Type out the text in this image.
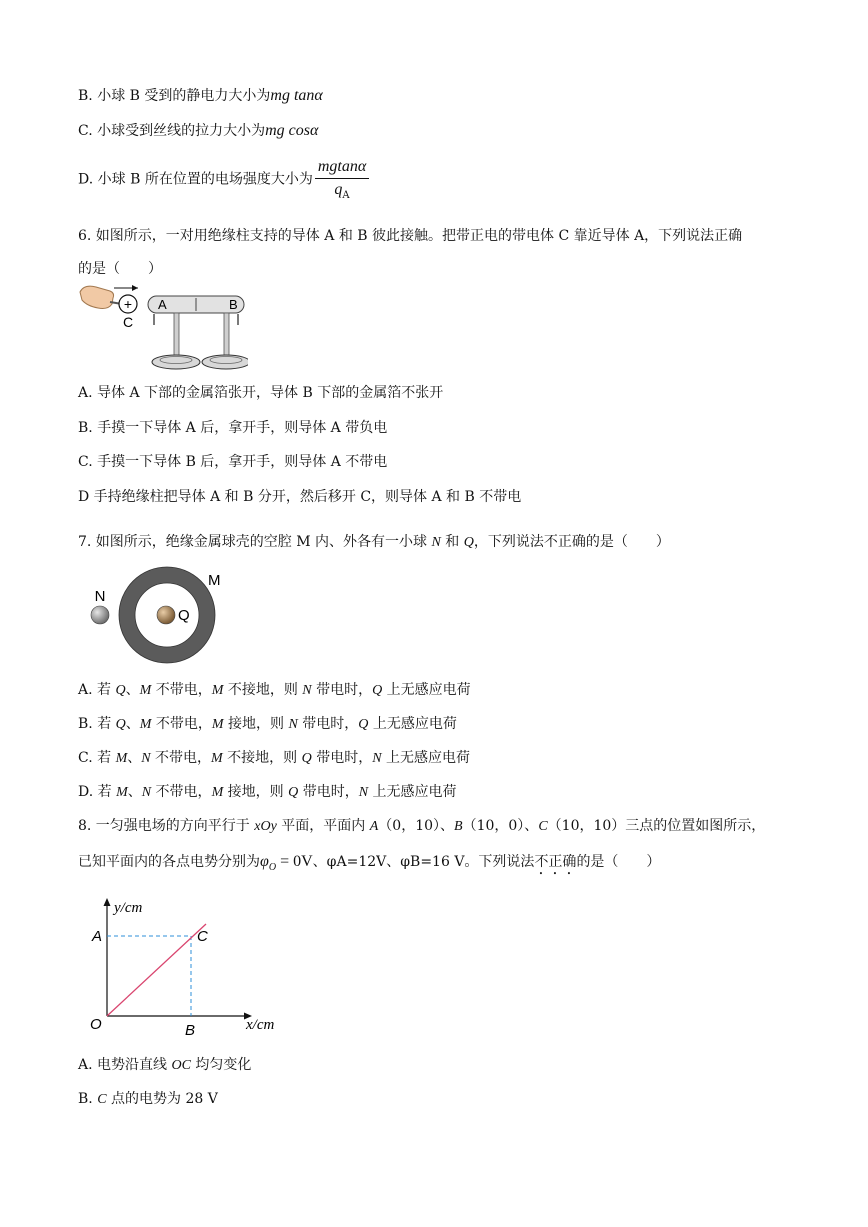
B. 小球 B 受到的静电力大小为mg tanα
C. 小球受到丝线的拉力大小为mg cosα
D. 小球 B 所在位置的电场强度大小为 $\frac{mgtan\alpha}{q_A}$
6. 如图所示，一对用绝缘柱支持的导体 A 和 B 彼此接触。把带正电的带电体 C 靠近导体 A，下列说法正确
的是（　　）
+
C
A	B
A. 导体 A 下部的金属箔张开，导体 B 下部的金属箔不张开
B. 手摸一下导体 A 后，拿开手，则导体 A 带负电
C. 手摸一下导体 B 后，拿开手，则导体 A 不带电
D 手持绝缘柱把导体 A 和 B 分开，然后移开 C，则导体 A 和 B 不带电
7. 如图所示，绝缘金属球壳的空腔 M 内、外各有一小球 N 和 Q，下列说法不正确的是（　　）
N
Q
M
A. 若 Q、M 不带电，M 不接地，则 N 带电时，Q 上无感应电荷
B. 若 Q、M 不带电，M 接地，则 N 带电时，Q 上无感应电荷
C. 若 M、N 不带电，M 不接地，则 Q 带电时，N 上无感应电荷
D. 若 M、N 不带电，M 接地，则 Q 带电时，N 上无感应电荷
8. 一匀强电场的方向平行于 xOy 平面，平面内 A（0，10）、B（10，0）、C（10，10）三点的位置如图所示，
已知平面内的各点电势分别为$\varphi_O = 0V$、φA=12V、φB=16 V。下列说法不正确的是（　　）
y/cm
x/cm
A	C
B
O
A. 电势沿直线 OC 均匀变化
B. C 点的电势为 28 V
